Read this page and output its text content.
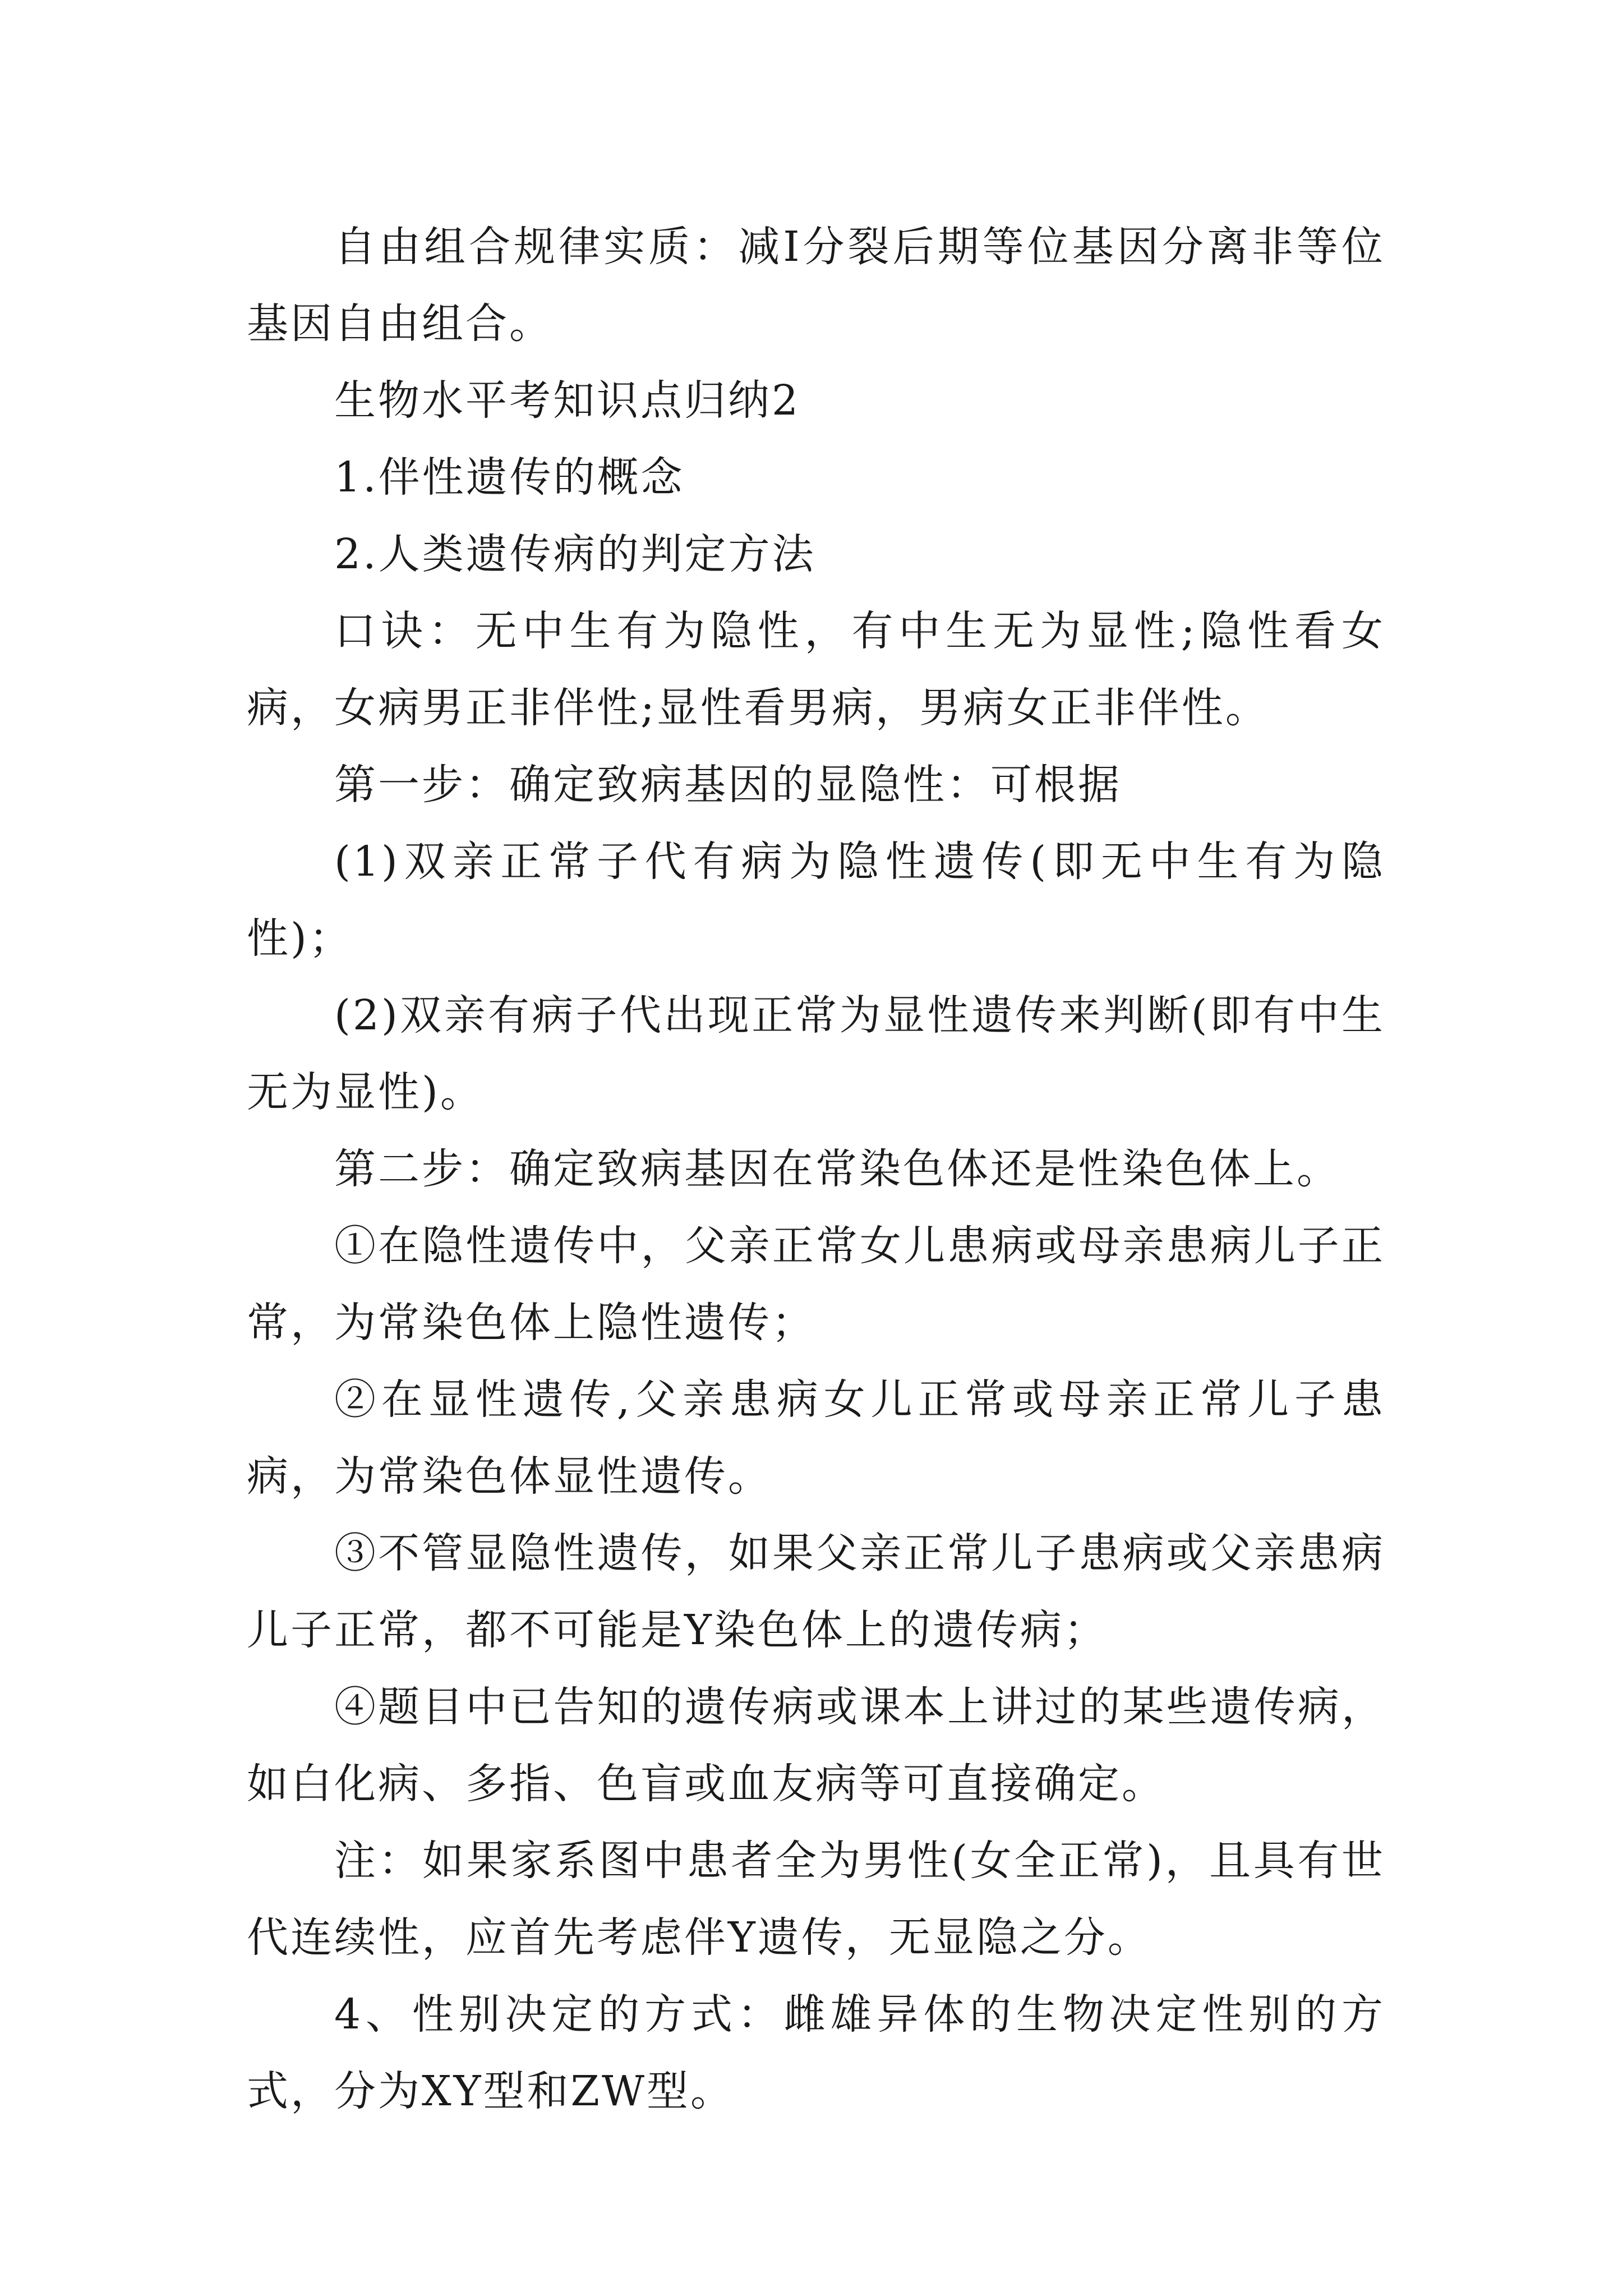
自由组合规律实质：减Ⅰ分裂后期等位基因分离非等位基因自由组合。

生物水平考知识点归纳2

1.伴性遗传的概念

2.人类遗传病的判定方法

口诀：无中生有为隐性，有中生无为显性;隐性看女病，女病男正非伴性;显性看男病，男病女正非伴性。

第一步：确定致病基因的显隐性：可根据

(1)双亲正常子代有病为隐性遗传(即无中生有为隐性)；

(2)双亲有病子代出现正常为显性遗传来判断(即有中生无为显性)。

第二步：确定致病基因在常染色体还是性染色体上。

①在隐性遗传中，父亲正常女儿患病或母亲患病儿子正常，为常染色体上隐性遗传；

②在显性遗传,父亲患病女儿正常或母亲正常儿子患病，为常染色体显性遗传。

③不管显隐性遗传，如果父亲正常儿子患病或父亲患病儿子正常，都不可能是Y染色体上的遗传病；

④题目中已告知的遗传病或课本上讲过的某些遗传病，如白化病、多指、色盲或血友病等可直接确定。

注：如果家系图中患者全为男性(女全正常)，且具有世代连续性，应首先考虑伴Y遗传，无显隐之分。

4、性别决定的方式：雌雄异体的生物决定性别的方式，分为XY型和ZW型。
